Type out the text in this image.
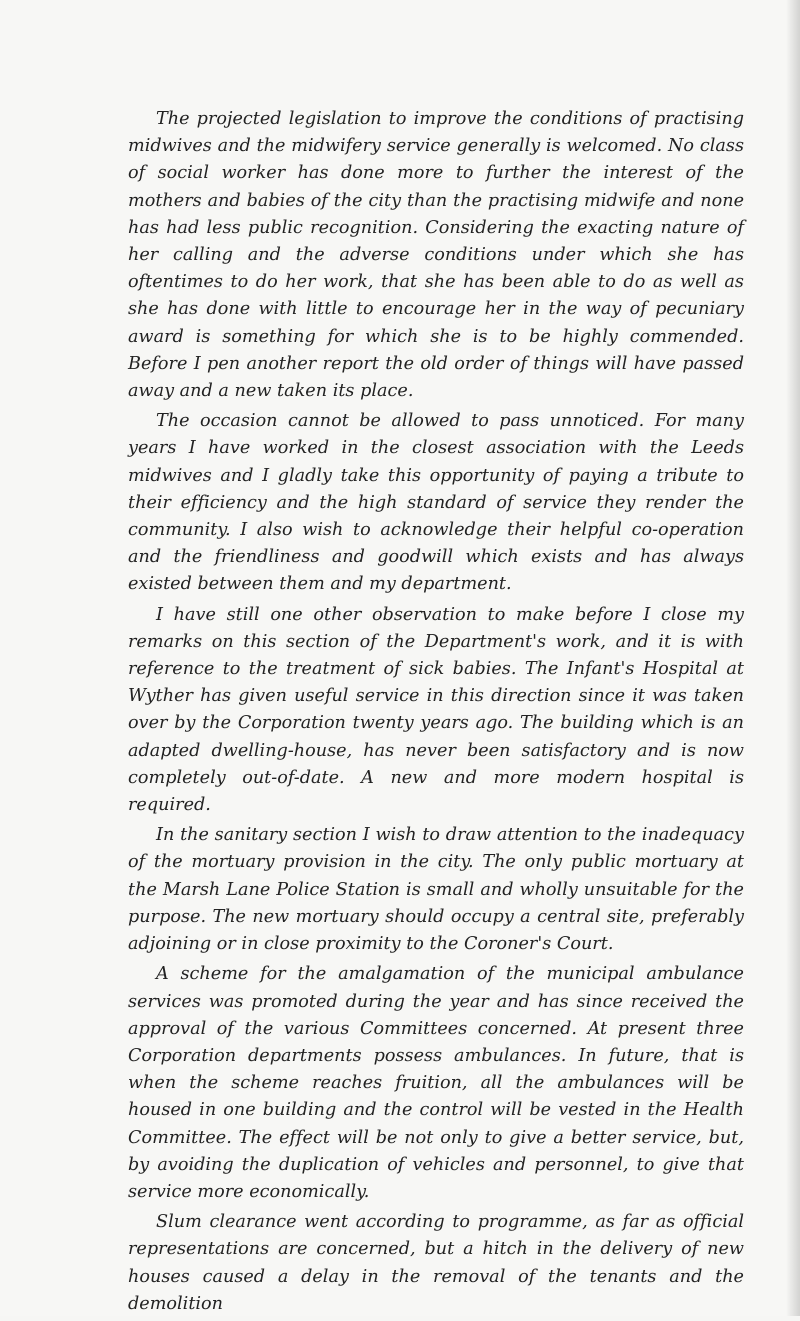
The projected legislation to improve the conditions of practising midwives and the midwifery service generally is welcomed. No class of social worker has done more to further the interest of the mothers and babies of the city than the practising midwife and none has had less public recognition. Considering the exacting nature of her calling and the adverse conditions under which she has oftentimes to do her work, that she has been able to do as well as she has done with little to encourage her in the way of pecuniary award is something for which she is to be highly commended. Before I pen another report the old order of things will have passed away and a new taken its place.

The occasion cannot be allowed to pass unnoticed. For many years I have worked in the closest association with the Leeds midwives and I gladly take this opportunity of paying a tribute to their efficiency and the high standard of service they render the community. I also wish to acknowledge their helpful co-operation and the friendliness and goodwill which exists and has always existed between them and my department.

I have still one other observation to make before I close my remarks on this section of the Department's work, and it is with reference to the treatment of sick babies. The Infant's Hospital at Wyther has given useful service in this direction since it was taken over by the Corporation twenty years ago. The building which is an adapted dwelling-house, has never been satisfactory and is now completely out-of-date. A new and more modern hospital is required.

In the sanitary section I wish to draw attention to the inadequacy of the mortuary provision in the city. The only public mortuary at the Marsh Lane Police Station is small and wholly unsuitable for the purpose. The new mortuary should occupy a central site, preferably adjoining or in close proximity to the Coroner's Court.

A scheme for the amalgamation of the municipal ambulance services was promoted during the year and has since received the approval of the various Committees concerned. At present three Corporation departments possess ambulances. In future, that is when the scheme reaches fruition, all the ambulances will be housed in one building and the control will be vested in the Health Committee. The effect will be not only to give a better service, but, by avoiding the duplication of vehicles and personnel, to give that service more economically.

Slum clearance went according to programme, as far as official representations are concerned, but a hitch in the delivery of new houses caused a delay in the removal of the tenants and the demolition
